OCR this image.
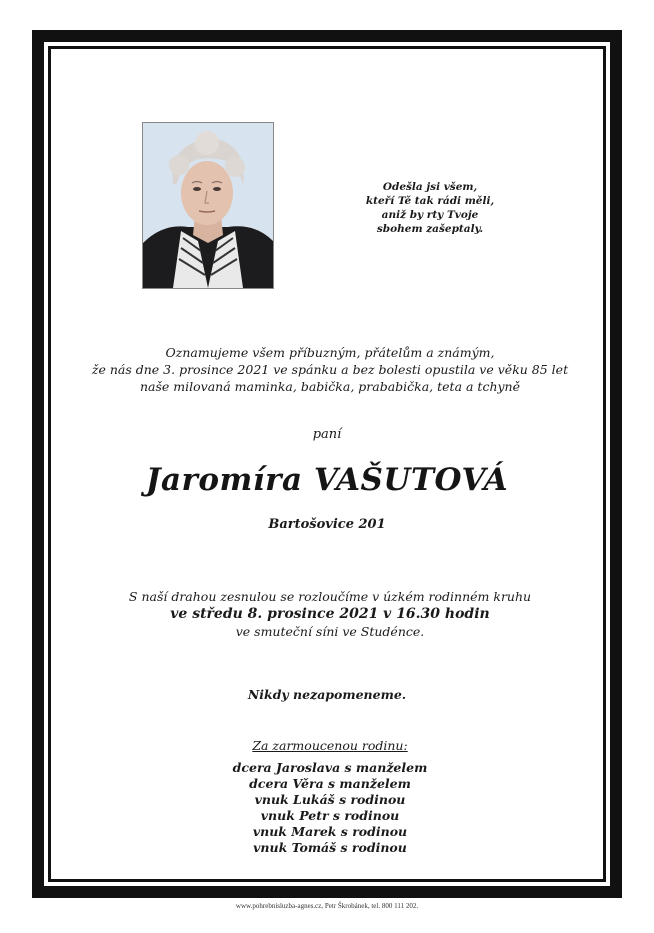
Odešla jsi všem,
kteří Tě tak rádi měli,
aniž by rty Tvoje
sbohem zašeptaly.
Oznamujeme všem příbuzným, přátelům a známým,
že nás dne 3. prosince 2021 ve spánku a bez bolesti opustila ve věku 85 let
naše milovaná maminka, babička, prababička, teta a tchyně
paní
Jaromíra VAŠUTOVÁ
Bartošovice 201
S naší drahou zesnulou se rozloučíme v úzkém rodinném kruhu
ve středu 8. prosince 2021 v 16.30 hodin
ve smuteční síni ve Studénce.
Nikdy nezapomeneme.
Za zarmoucenou rodinu:
dcera Jaroslava s manželem
dcera Věra s manželem
vnuk Lukáš s rodinou
vnuk Petr s rodinou
vnuk Marek s rodinou
vnuk Tomáš s rodinou
www.pohrebnisluzba-agnes.cz, Petr Škrobánek, tel. 800 111 202.
